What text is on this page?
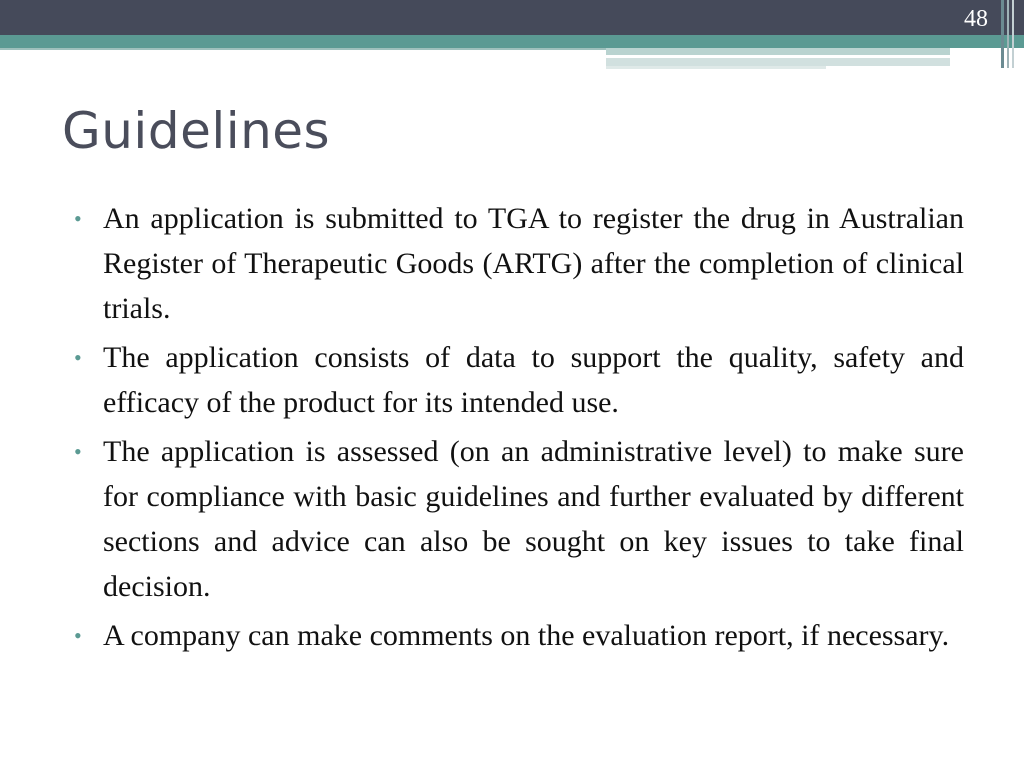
48
Guidelines
• An application is submitted to TGA to register the drug in Australian Register of Therapeutic Goods (ARTG) after the completion of clinical trials.
• The application consists of data to support the quality, safety and efficacy of the product for its intended use.
• The application is assessed (on an administrative level) to make sure for compliance with basic guidelines and further evaluated by different sections and advice can also be sought on key issues to take final decision.
• A company can make comments on the evaluation report, if necessary.
